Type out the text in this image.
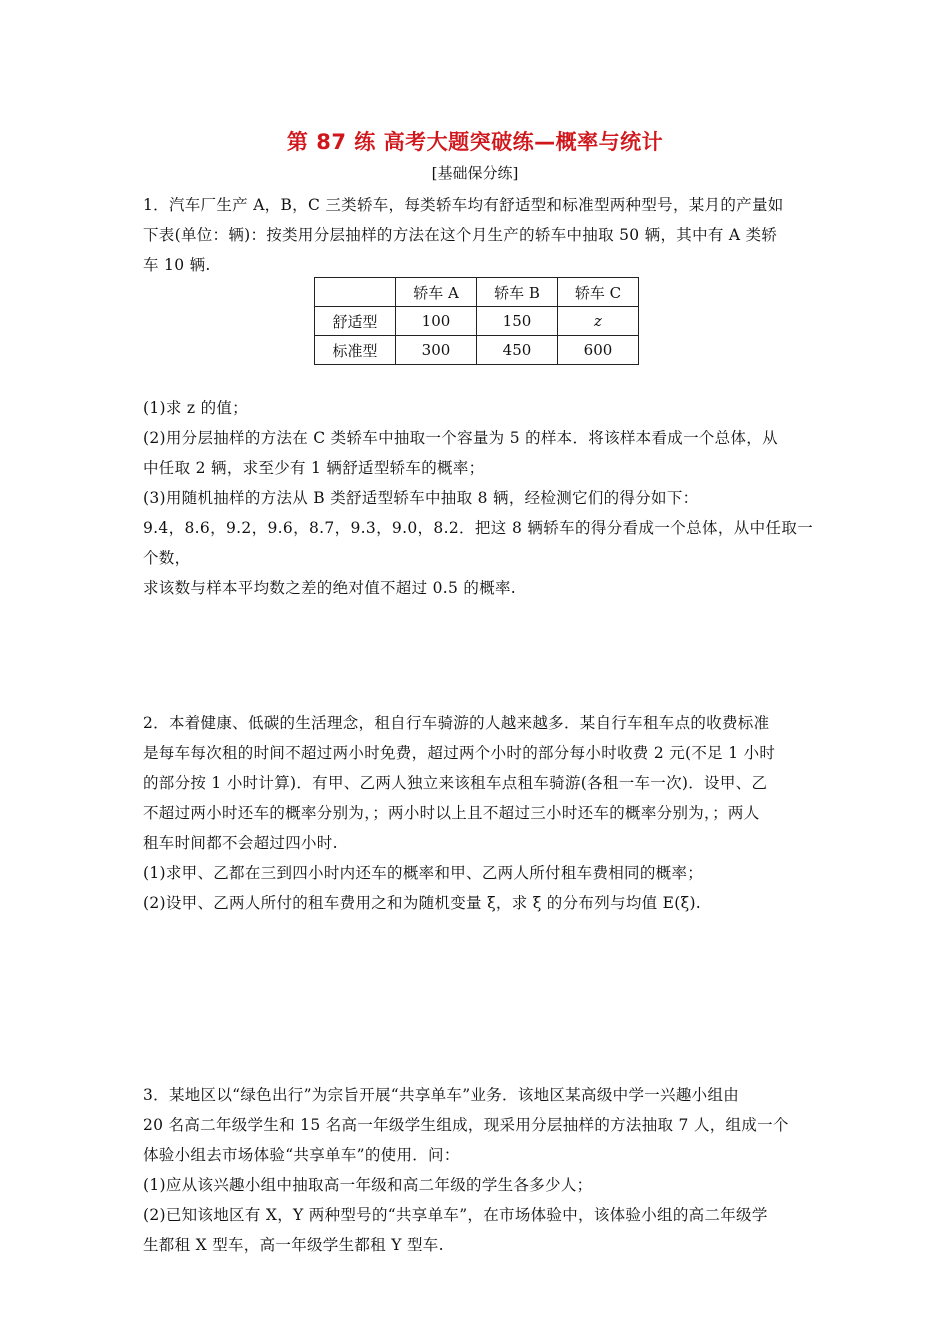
第 87 练 高考大题突破练—概率与统计
[基础保分练]

1．汽车厂生产 A，B，C 三类轿车，每类轿车均有舒适型和标准型两种型号，某月的产量如

下表(单位：辆)：按类用分层抽样的方法在这个月生产的轿车中抽取 50 辆，其中有 A 类轿

车 10 辆.

	轿车 A	轿车 B	轿车 C
舒适型	100	150	z
标准型	300	450	600

(1)求 z 的值；

(2)用分层抽样的方法在 C 类轿车中抽取一个容量为 5 的样本．将该样本看成一个总体，从

中任取 2 辆，求至少有 1 辆舒适型轿车的概率；

(3)用随机抽样的方法从 B 类舒适型轿车中抽取 8 辆，经检测它们的得分如下：

9.4，8.6，9.2，9.6，8.7，9.3，9.0，8.2．把这 8 辆轿车的得分看成一个总体，从中任取一个数，

求该数与样本平均数之差的绝对值不超过 0.5 的概率.

2．本着健康、低碳的生活理念，租自行车骑游的人越来越多．某自行车租车点的收费标准

是每车每次租的时间不超过两小时免费，超过两个小时的部分每小时收费 2 元(不足 1 小时

的部分按 1 小时计算)．有甲、乙两人独立来该租车点租车骑游(各租一车一次)．设甲、乙

不超过两小时还车的概率分别为，；两小时以上且不超过三小时还车的概率分别为，；两人

租车时间都不会超过四小时.

(1)求甲、乙都在三到四小时内还车的概率和甲、乙两人所付租车费相同的概率；

(2)设甲、乙两人所付的租车费用之和为随机变量 ξ，求 ξ 的分布列与均值 E(ξ).

3．某地区以“绿色出行”为宗旨开展“共享单车”业务．该地区某高级中学一兴趣小组由

20 名高二年级学生和 15 名高一年级学生组成，现采用分层抽样的方法抽取 7 人，组成一个

体验小组去市场体验“共享单车”的使用．问：

(1)应从该兴趣小组中抽取高一年级和高二年级的学生各多少人；

(2)已知该地区有 X，Y 两种型号的“共享单车”，在市场体验中，该体验小组的高二年级学

生都租 X 型车，高一年级学生都租 Y 型车.
